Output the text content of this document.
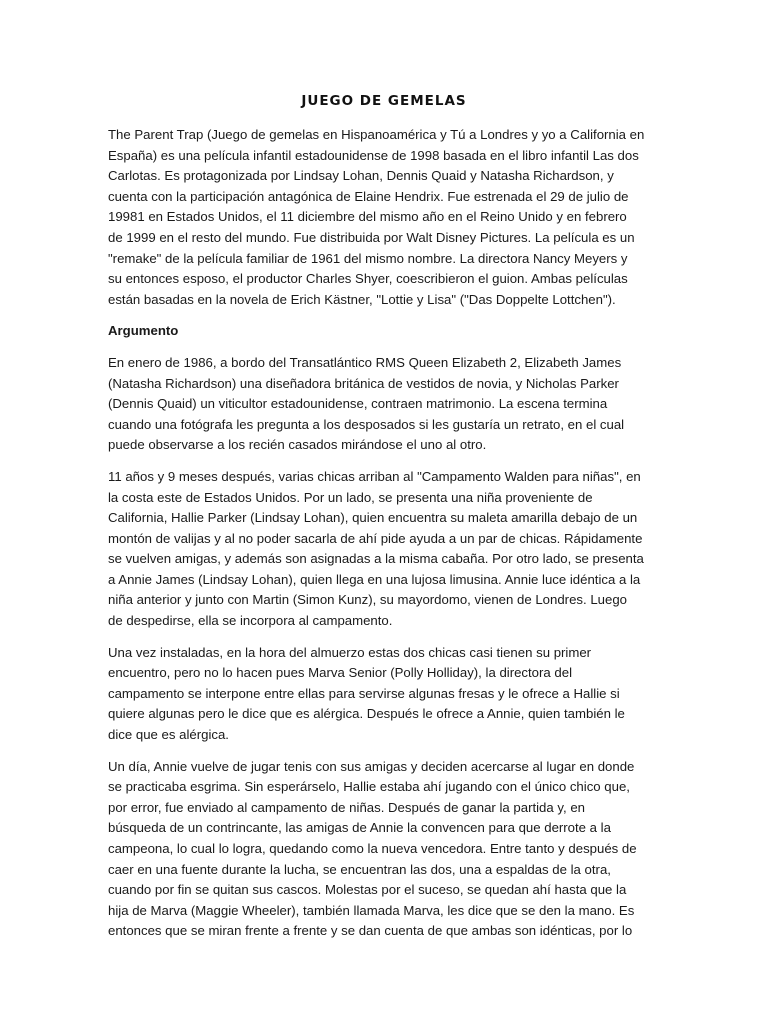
JUEGO DE GEMELAS
The Parent Trap (Juego de gemelas en Hispanoamérica y Tú a Londres y yo a California en
España) es una película infantil estadounidense de 1998 basada en el libro infantil Las dos
Carlotas. Es protagonizada por Lindsay Lohan, Dennis Quaid y Natasha Richardson, y
cuenta con la participación antagónica de Elaine Hendrix. Fue estrenada el 29 de julio de
19981 en Estados Unidos, el 11 diciembre del mismo año en el Reino Unido y en febrero
de 1999 en el resto del mundo. Fue distribuida por Walt Disney Pictures. La película es un
"remake" de la película familiar de 1961 del mismo nombre. La directora Nancy Meyers y
su entonces esposo, el productor Charles Shyer, coescribieron el guion. Ambas películas
están basadas en la novela de Erich Kästner, "Lottie y Lisa" ("Das Doppelte Lottchen").
Argumento
En enero de 1986, a bordo del Transatlántico RMS Queen Elizabeth 2, Elizabeth James
(Natasha Richardson) una diseñadora británica de vestidos de novia, y Nicholas Parker
(Dennis Quaid) un viticultor estadounidense, contraen matrimonio. La escena termina
cuando una fotógrafa les pregunta a los desposados si les gustaría un retrato, en el cual
puede observarse a los recién casados mirándose el uno al otro.
11 años y 9 meses después, varias chicas arriban al "Campamento Walden para niñas", en
la costa este de Estados Unidos. Por un lado, se presenta una niña proveniente de
California, Hallie Parker (Lindsay Lohan), quien encuentra su maleta amarilla debajo de un
montón de valijas y al no poder sacarla de ahí pide ayuda a un par de chicas. Rápidamente
se vuelven amigas, y además son asignadas a la misma cabaña. Por otro lado, se presenta
a Annie James (Lindsay Lohan), quien llega en una lujosa limusina. Annie luce idéntica a la
niña anterior y junto con Martin (Simon Kunz), su mayordomo, vienen de Londres. Luego
de despedirse, ella se incorpora al campamento.
Una vez instaladas, en la hora del almuerzo estas dos chicas casi tienen su primer
encuentro, pero no lo hacen pues Marva Senior (Polly Holliday), la directora del
campamento se interpone entre ellas para servirse algunas fresas y le ofrece a Hallie si
quiere algunas pero le dice que es alérgica. Después le ofrece a Annie, quien también le
dice que es alérgica.
Un día, Annie vuelve de jugar tenis con sus amigas y deciden acercarse al lugar en donde
se practicaba esgrima. Sin esperárselo, Hallie estaba ahí jugando con el único chico que,
por error, fue enviado al campamento de niñas. Después de ganar la partida y, en
búsqueda de un contrincante, las amigas de Annie la convencen para que derrote a la
campeona, lo cual lo logra, quedando como la nueva vencedora. Entre tanto y después de
caer en una fuente durante la lucha, se encuentran las dos, una a espaldas de la otra,
cuando por fin se quitan sus cascos. Molestas por el suceso, se quedan ahí hasta que la
hija de Marva (Maggie Wheeler), también llamada Marva, les dice que se den la mano. Es
entonces que se miran frente a frente y se dan cuenta de que ambas son idénticas, por lo
